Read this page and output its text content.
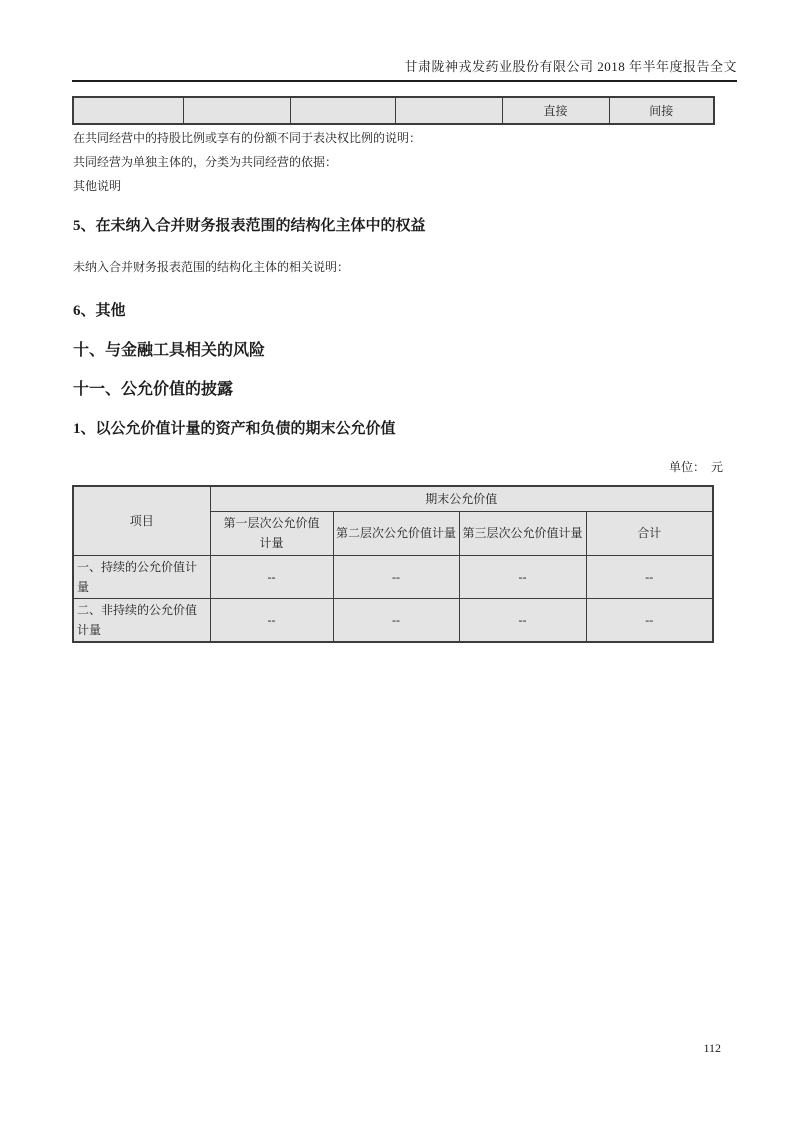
甘肃陇神戎发药业股份有限公司 2018 年半年度报告全文
				直接	间接
在共同经营中的持股比例或享有的份额不同于表决权比例的说明：
共同经营为单独主体的，分类为共同经营的依据：
其他说明
5、在未纳入合并财务报表范围的结构化主体中的权益
未纳入合并财务报表范围的结构化主体的相关说明：
6、其他
十、与金融工具相关的风险
十一、公允价值的披露
1、以公允价值计量的资产和负债的期末公允价值
单位：　元
项目	期末公允价值			
	第一层次公允价值计量	第二层次公允价值计量	第三层次公允价值计量	合计
一、持续的公允价值计量	--	--	--	--
二、非持续的公允价值计量	--	--	--	--
112
